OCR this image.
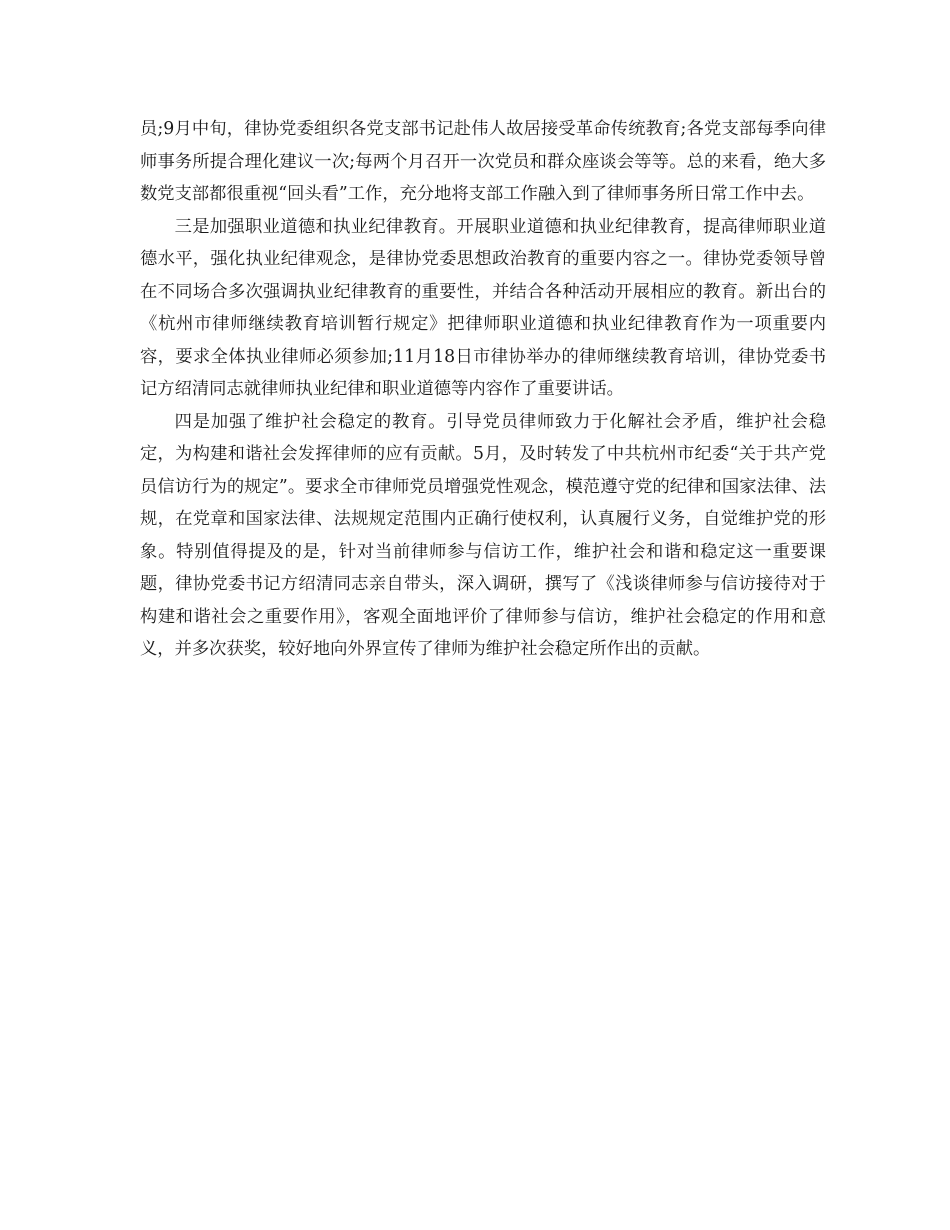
员;9月中旬，律协党委组织各党支部书记赴伟人故居接受革命传统教育;各党支部每季向律师事务所提合理化建议一次;每两个月召开一次党员和群众座谈会等等。总的来看，绝大多数党支部都很重视“回头看”工作，充分地将支部工作融入到了律师事务所日常工作中去。

三是加强职业道德和执业纪律教育。开展职业道德和执业纪律教育，提高律师职业道德水平，强化执业纪律观念，是律协党委思想政治教育的重要内容之一。律协党委领导曾在不同场合多次强调执业纪律教育的重要性，并结合各种活动开展相应的教育。新出台的《杭州市律师继续教育培训暂行规定》把律师职业道德和执业纪律教育作为一项重要内容，要求全体执业律师必须参加;11月18日市律协举办的律师继续教育培训，律协党委书记方绍清同志就律师执业纪律和职业道德等内容作了重要讲话。

四是加强了维护社会稳定的教育。引导党员律师致力于化解社会矛盾，维护社会稳定，为构建和谐社会发挥律师的应有贡献。5月，及时转发了中共杭州市纪委“关于共产党员信访行为的规定”。要求全市律师党员增强党性观念，模范遵守党的纪律和国家法律、法规，在党章和国家法律、法规规定范围内正确行使权利，认真履行义务，自觉维护党的形象。特别值得提及的是，针对当前律师参与信访工作，维护社会和谐和稳定这一重要课题，律协党委书记方绍清同志亲自带头，深入调研，撰写了《浅谈律师参与信访接待对于构建和谐社会之重要作用》，客观全面地评价了律师参与信访，维护社会稳定的作用和意义，并多次获奖，较好地向外界宣传了律师为维护社会稳定所作出的贡献。
